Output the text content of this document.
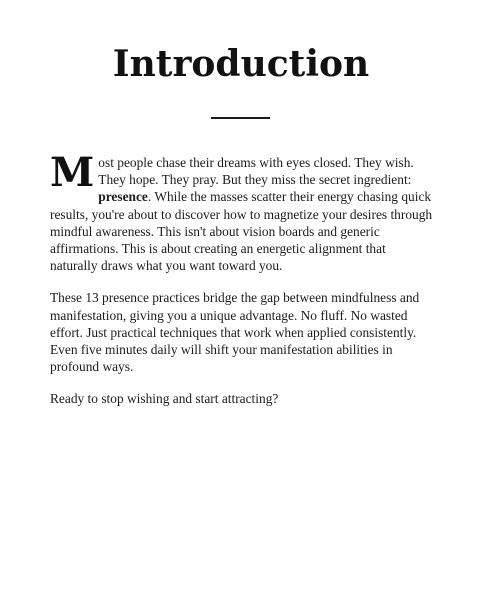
Introduction

Most people chase their dreams with eyes closed. They wish. They hope. They pray. But they miss the secret ingredient: presence. While the masses scatter their energy chasing quick results, you're about to discover how to magnetize your desires through mindful awareness. This isn't about vision boards and generic affirmations. This is about creating an energetic alignment that naturally draws what you want toward you.

These 13 presence practices bridge the gap between mindfulness and manifestation, giving you a unique advantage. No fluff. No wasted effort. Just practical techniques that work when applied consistently. Even five minutes daily will shift your manifestation abilities in profound ways.

Ready to stop wishing and start attracting?
